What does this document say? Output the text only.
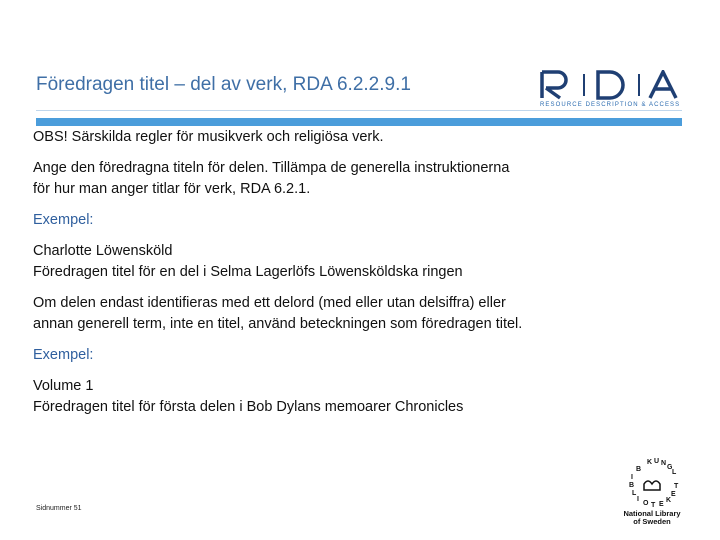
Föredragen titel – del av verk, RDA 6.2.2.9.1
RESOURCE DESCRIPTION & ACCESS

OBS! Särskilda regler för musikverk och religiösa verk.

Ange den föredragna titeln för delen. Tillämpa de generella instruktionerna
för hur man anger titlar för verk, RDA 6.2.1.

Exempel:

Charlotte Löwensköld
Föredragen titel för en del i Selma Lagerlöfs Löwensköldska ringen

Om delen endast identifieras med ett delord (med eller utan delsiffra) eller
annan generell term, inte en titel, använd beteckningen som föredragen titel.

Exempel:

Volume 1
Föredragen titel för första delen i Bob Dylans memoarer Chronicles

Sidnummer 51
K U N
G
L
B
I
B
L
I
O T E
K
E
T
National Library
of Sweden
